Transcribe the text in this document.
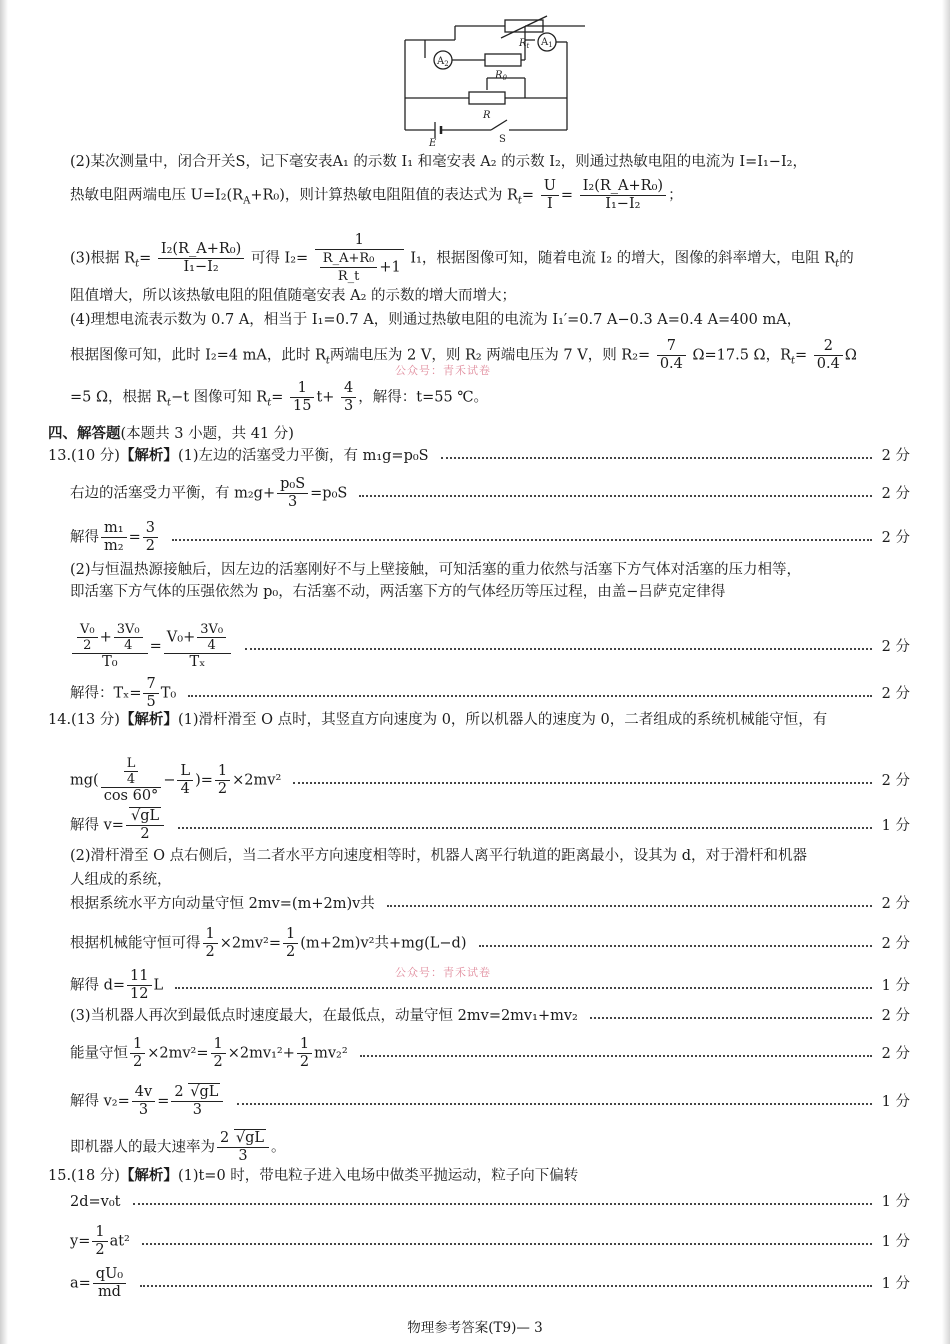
$R_t$ $A_1$
$A_2$
$R_0$
R
E	S
(2)某次测量中，闭合开关S，记下毫安表A₁ 的示数 I₁ 和毫安表 A₂ 的示数 I₂，则通过热敏电阻的电流为 I=I₁−I₂，
热敏电阻两端电压 $U=I_2(R_A+R_0)$，则计算热敏电阻阻值的表达式为 $R_t= \frac{U}{I} = \frac{\text{I₂(R\_A+R₀)}}{\text{I₁−I₂}}$ ；
(3)根据 $R_t= \frac{\text{I₂(R\_A+R₀)}}{\text{I₁−I₂}}$ 可得 $I_2= \frac{1}{\frac{\text{R\_A+R₀}}{R\_t} +1} I_1$，根据图像可知，随着电流 I₂ 的增大，图像的斜率增大，电阻 $R_t$的
阻值增大，所以该热敏电阻的阻值随毫安表 A₂ 的示数的增大而增大；
(4)理想电流表示数为 0.7 A，相当于 I₁=0.7 A，则通过热敏电阻的电流为 I₁′=0.7 A−0.3 A=0.4 A=400 mA，
根据图像可知，此时 I₂=4 mA，此时 $R_t$两端电压为 2 V，则 R₂ 两端电压为 7 V，则 $R_2= \frac{7}{0.4} \Omega=17.5$ Ω，$R_t= \frac{2}{0.4}$ Ω
公众号：青禾试卷
=5 Ω，根据 $R_t-t$ 图像可知 $R_t= \frac{1}{15} t+ \frac{4}{3}$ ，解得：t=55 ℃。
四、解答题(本题共 3 小题，共 41 分)
13.(10 分)【解析】(1)左边的活塞受力平衡，有 m₁g=p₀S	2 分
右边的活塞受力平衡，有 $m_2g+ \frac{\text{p₀S}}{3} =p_0S$	2 分
解得 $\frac{\text{m₁}}{\text{m₂}} = \frac{3}{2}$	2 分
(2)与恒温热源接触后，因左边的活塞刚好不与上壁接触，可知活塞的重力依然与活塞下方气体对活塞的压力相等，
即活塞下方气体的压强依然为 p₀，右活塞不动，两活塞下方的气体经历等压过程，由盖−吕萨克定律得
$\frac{\frac{\text{V₀}}{2} + \frac{\text{3V₀}}{4}}{\text{T₀}} = \frac{V_0+ \frac{\text{3V₀}}{4}}{\text{Tₓ}}$	2 分
解得：$T_x= \frac{7}{5} T_0$	2 分
14.(13 分)【解析】(1)滑杆滑至 O 点时，其竖直方向速度为 0，所以机器人的速度为 0，二者组成的系统机械能守恒，有
$mg( \frac{\frac{L}{4}}{\cos 60^\circ} - \frac{L}{4}$ )= $\frac{1}{2} \times 2mv^2$	2 分
解得 v= √ $\frac{gL}{2}$	1 分
(2)滑杆滑至 O 点右侧后，当二者水平方向速度相等时，机器人离平行轨道的距离最小，设其为 d，对于滑杆和机器
人组成的系统，
根据系统水平方向动量守恒 2mv=(m+2m)v共	2 分
根据机械能守恒可得 $\frac{1}{2} \times 2mv^2= \frac{1}{2} (m+2m)v^2$共+mg(L−d)	2 分
公众号：青禾试卷
解得 $d= \frac{11}{12}$ L	1 分
(3)当机器人再次到最低点时速度最大，在最低点，动量守恒 2mv=2mv₁+mv₂	2 分
能量守恒 $\frac{1}{2} \times 2mv^2= \frac{1}{2} \times 2mv_1^2+ \frac{1}{2} mv_2^2$	2 分
解得 $v_2= \frac{4v}{3} = \frac{2 √ gL}{3}$	1 分
即机器人的最大速率为 $\frac{2 √ gL}{3}$ 。
15.(18 分)【解析】(1)t=0 时，带电粒子进入电场中做类平抛运动，粒子向下偏转
2d=v₀t	1 分
$y= \frac{1}{2} at^2$	1 分
$a= \frac{\text{qU₀}}{md}$	1 分
物理参考答案(T9)— 3
